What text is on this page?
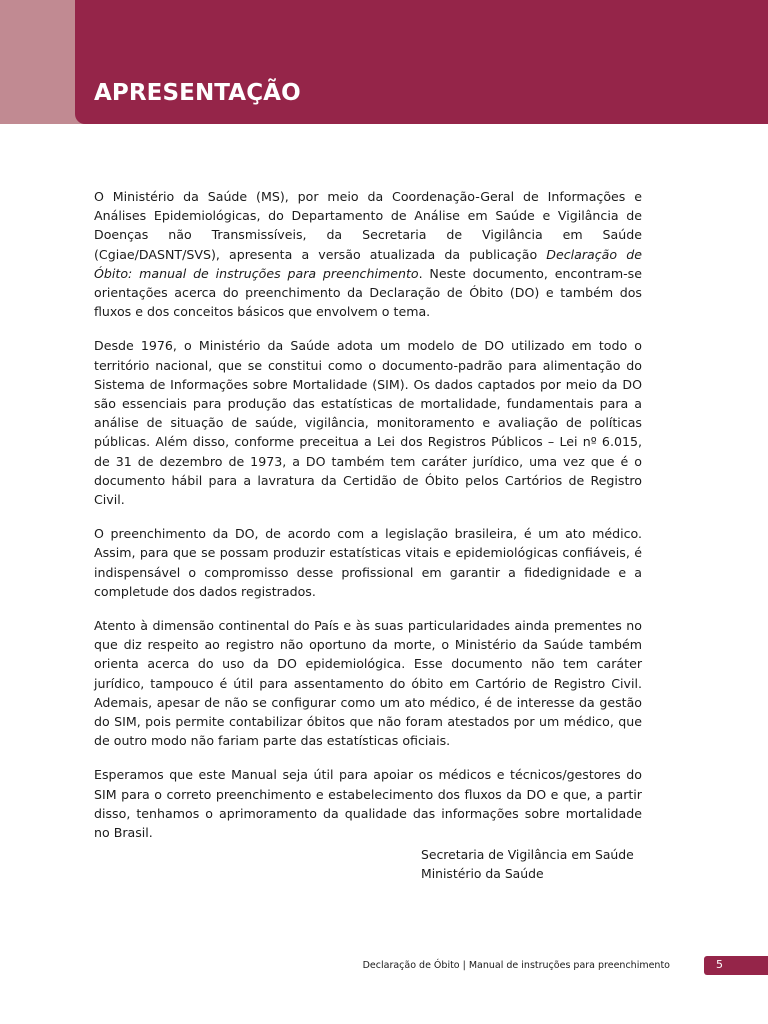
APRESENTAÇÃO

O Ministério da Saúde (MS), por meio da Coordenação-Geral de Informações e Análises Epidemiológicas, do Departamento de Análise em Saúde e Vigilância de Doenças não Transmissíveis, da Secretaria de Vigilância em Saúde (Cgiae/DASNT/SVS), apresenta a versão atualizada da publicação Declaração de Óbito: manual de instruções para preenchimento. Neste documento, encontram-se orientações acerca do preenchimento da Declaração de Óbito (DO) e também dos fluxos e dos conceitos básicos que envolvem o tema.

Desde 1976, o Ministério da Saúde adota um modelo de DO utilizado em todo o território nacional, que se constitui como o documento-padrão para alimentação do Sistema de Informações sobre Mortalidade (SIM). Os dados captados por meio da DO são essenciais para produção das estatísticas de mortalidade, fundamentais para a análise de situação de saúde, vigilância, monitoramento e avaliação de políticas públicas. Além disso, conforme preceitua a Lei dos Registros Públicos – Lei nº 6.015, de 31 de dezembro de 1973, a DO também tem caráter jurídico, uma vez que é o documento hábil para a lavratura da Certidão de Óbito pelos Cartórios de Registro Civil.

O preenchimento da DO, de acordo com a legislação brasileira, é um ato médico. Assim, para que se possam produzir estatísticas vitais e epidemiológicas confiáveis, é indispensável o compromisso desse profissional em garantir a fidedignidade e a completude dos dados registrados.

Atento à dimensão continental do País e às suas particularidades ainda prementes no que diz respeito ao registro não oportuno da morte, o Ministério da Saúde também orienta acerca do uso da DO epidemiológica. Esse documento não tem caráter jurídico, tampouco é útil para assentamento do óbito em Cartório de Registro Civil. Ademais, apesar de não se configurar como um ato médico, é de interesse da gestão do SIM, pois permite contabilizar óbitos que não foram atestados por um médico, que de outro modo não fariam parte das estatísticas oficiais.

Esperamos que este Manual seja útil para apoiar os médicos e técnicos/gestores do SIM para o correto preenchimento e estabelecimento dos fluxos da DO e que, a partir disso, tenhamos o aprimoramento da qualidade das informações sobre mortalidade no Brasil.

Secretaria de Vigilância em Saúde
Ministério da Saúde
Declaração de Óbito | Manual de instruções para preenchimento	5
